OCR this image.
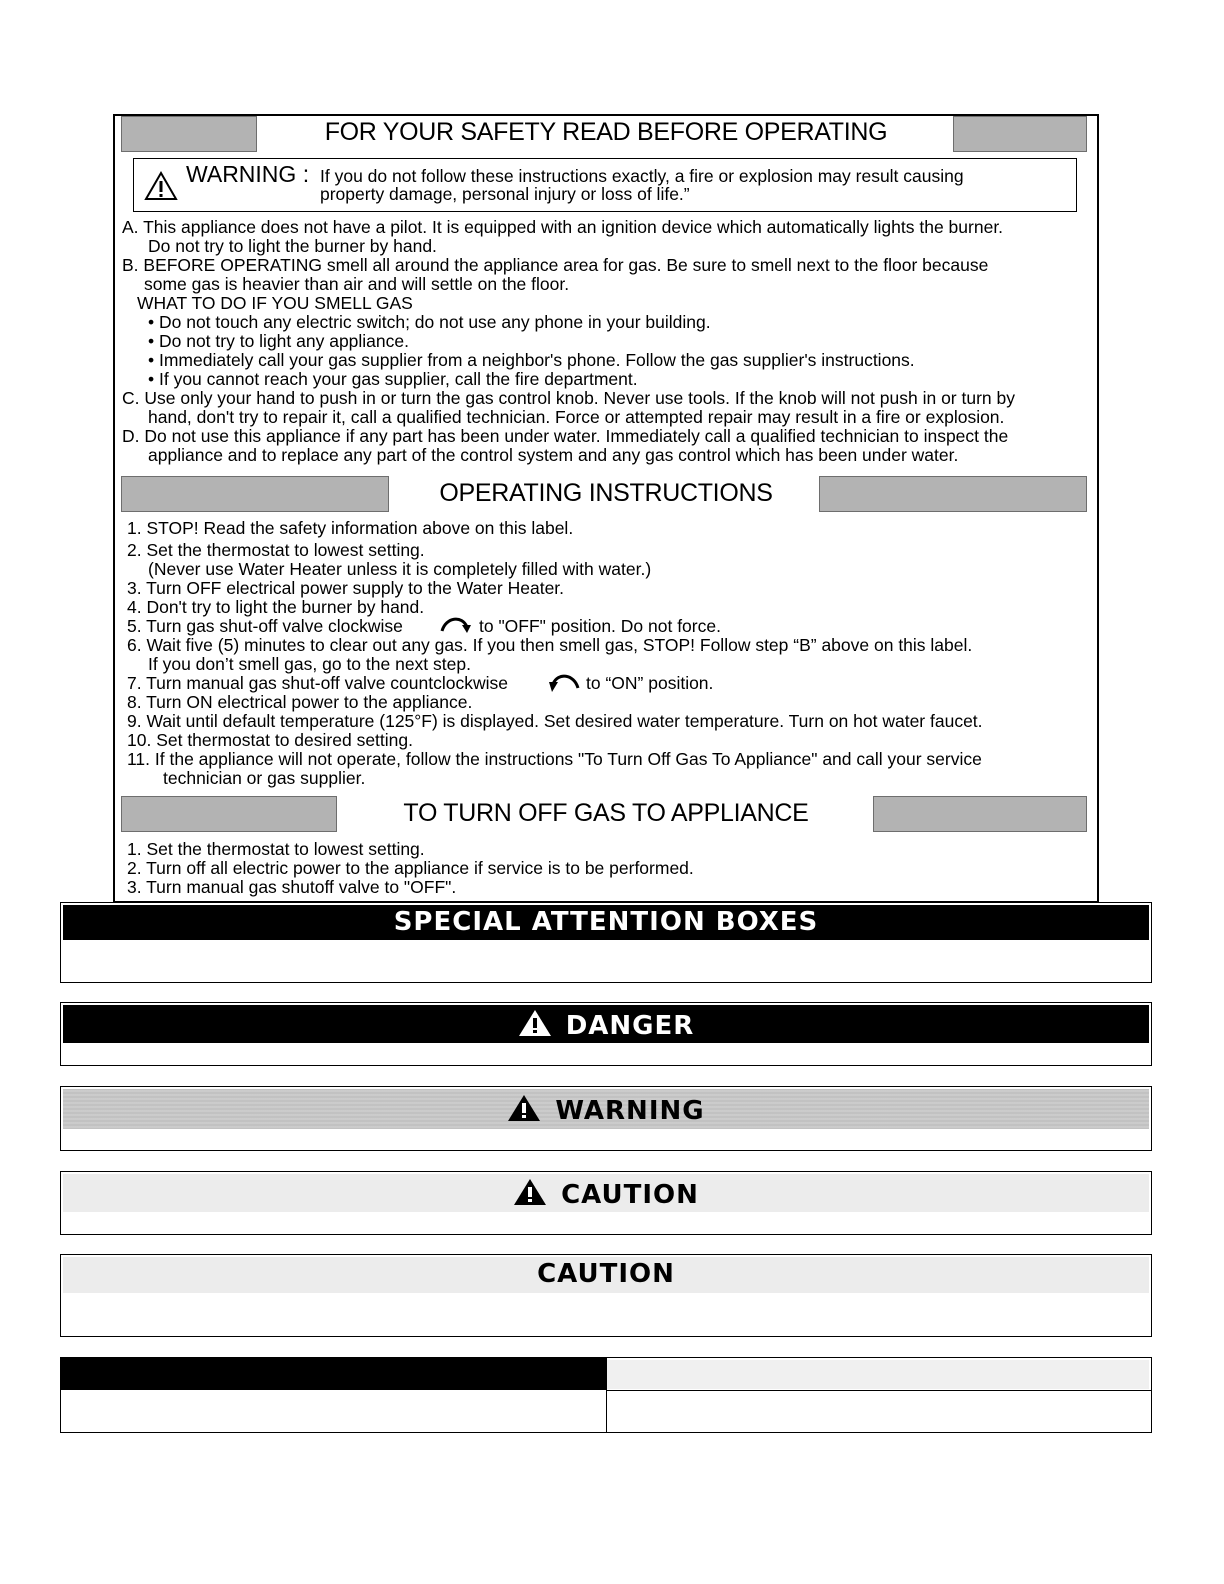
FOR YOUR SAFETY READ BEFORE OPERATING
WARNING : If you do not follow these instructions exactly, a fire or explosion may result causing
property damage, personal injury or loss of life.”
A. This appliance does not have a pilot. It is equipped with an ignition device which automatically lights the burner.
Do not try to light the burner by hand.
B. BEFORE OPERATING smell all around the appliance area for gas. Be sure to smell next to the floor because
some gas is heavier than air and will settle on the floor.
WHAT TO DO IF YOU SMELL GAS
• Do not touch any electric switch; do not use any phone in your building.
• Do not try to light any appliance.
• Immediately call your gas supplier from a neighbor's phone. Follow the gas supplier's instructions.
• If you cannot reach your gas supplier, call the fire department.
C. Use only your hand to push in or turn the gas control knob. Never use tools. If the knob will not push in or turn by
hand, don't try to repair it, call a qualified technician. Force or attempted repair may result in a fire or explosion.
D. Do not use this appliance if any part has been under water. Immediately call a qualified technician to inspect the
appliance and to replace any part of the control system and any gas control which has been under water.
OPERATING INSTRUCTIONS
1. STOP! Read the safety information above on this label.
2. Set the thermostat to lowest setting.
(Never use Water Heater unless it is completely filled with water.)
3. Turn OFF electrical power supply to the Water Heater.
4. Don't try to light the burner by hand.
5. Turn gas shut-off valve clockwise	to "OFF" position. Do not force.
6. Wait five (5) minutes to clear out any gas. If you then smell gas, STOP! Follow step “B” above on this label.
If you don’t smell gas, go to the next step.
7. Turn manual gas shut-off valve countclockwise	to “ON” position.
8. Turn ON electrical power to the appliance.
9. Wait until default temperature (125°F) is displayed. Set desired water temperature. Turn on hot water faucet.
10. Set thermostat to desired setting.
11. If the appliance will not operate, follow the instructions "To Turn Off Gas To Appliance" and call your service
technician or gas supplier.
TO TURN OFF GAS TO APPLIANCE
1. Set the thermostat to lowest setting.
2. Turn off all electric power to the appliance if service is to be performed.
3. Turn manual gas shutoff valve to "OFF".
SPECIAL ATTENTION BOXES
DANGER
WARNING
CAUTION
CAUTION
